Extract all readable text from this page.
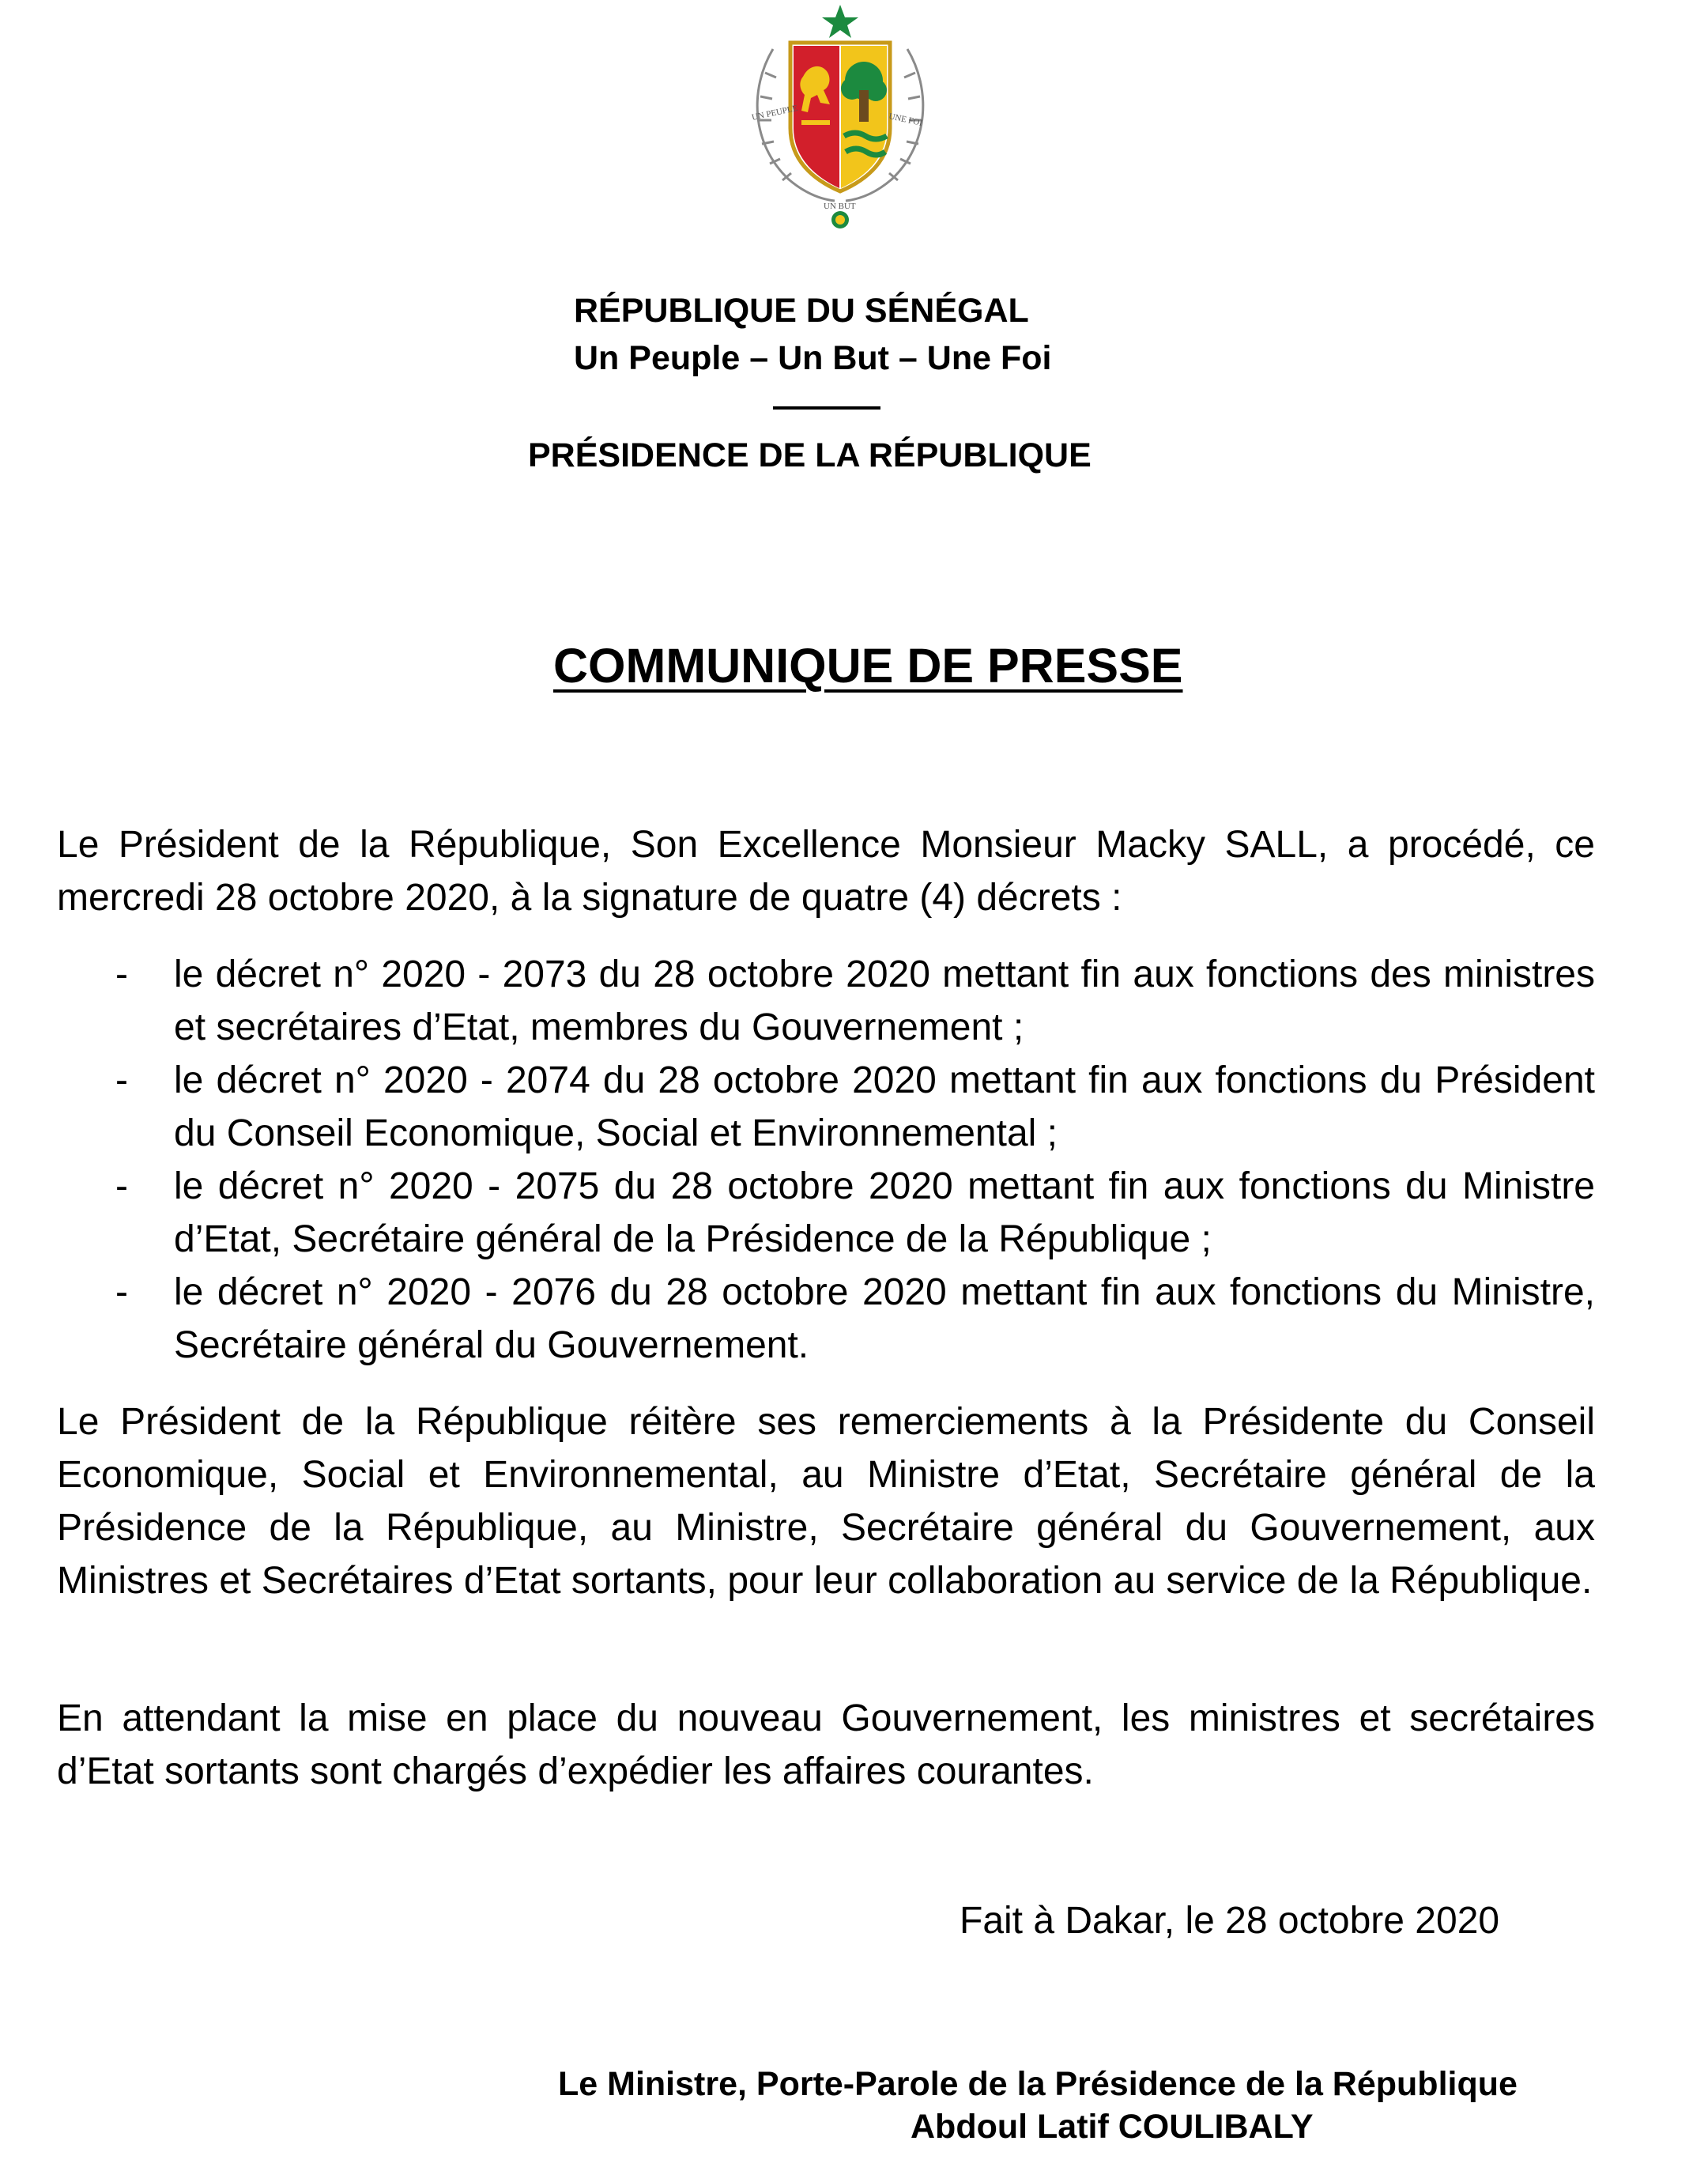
UN PEUPLE	UNE FOI
UN BUT
RÉPUBLIQUE DU SÉNÉGAL
Un Peuple – Un But – Une Foi
PRÉSIDENCE DE LA RÉPUBLIQUE
COMMUNIQUE DE PRESSE

Le Président de la République, Son Excellence Monsieur Macky SALL, a procédé, ce mercredi 28 octobre 2020, à la signature de quatre (4) décrets :

- le décret n° 2020 - 2073 du 28 octobre 2020 mettant fin aux fonctions des ministres et secrétaires d’Etat, membres du Gouvernement ;
- le décret n° 2020 - 2074 du 28 octobre 2020 mettant fin aux fonctions du Président du Conseil Economique, Social et Environnemental ;
- le décret n° 2020 - 2075 du 28 octobre 2020 mettant fin aux fonctions du Ministre d’Etat, Secrétaire général de la Présidence de la République ;
- le décret n° 2020 - 2076 du 28 octobre 2020 mettant fin aux fonctions du Ministre, Secrétaire général du Gouvernement.

Le Président de la République réitère ses remerciements à la Présidente du Conseil Economique, Social et Environnemental, au Ministre d’Etat, Secrétaire général de la Présidence de la République, au Ministre, Secrétaire général du Gouvernement, aux Ministres et Secrétaires d’Etat sortants, pour leur collaboration au service de la République.

En attendant la mise en place du nouveau Gouvernement, les ministres et secrétaires d’Etat sortants sont chargés d’expédier les affaires courantes.

Fait à Dakar, le 28 octobre 2020
Le Ministre, Porte-Parole de la Présidence de la République
Abdoul Latif COULIBALY
